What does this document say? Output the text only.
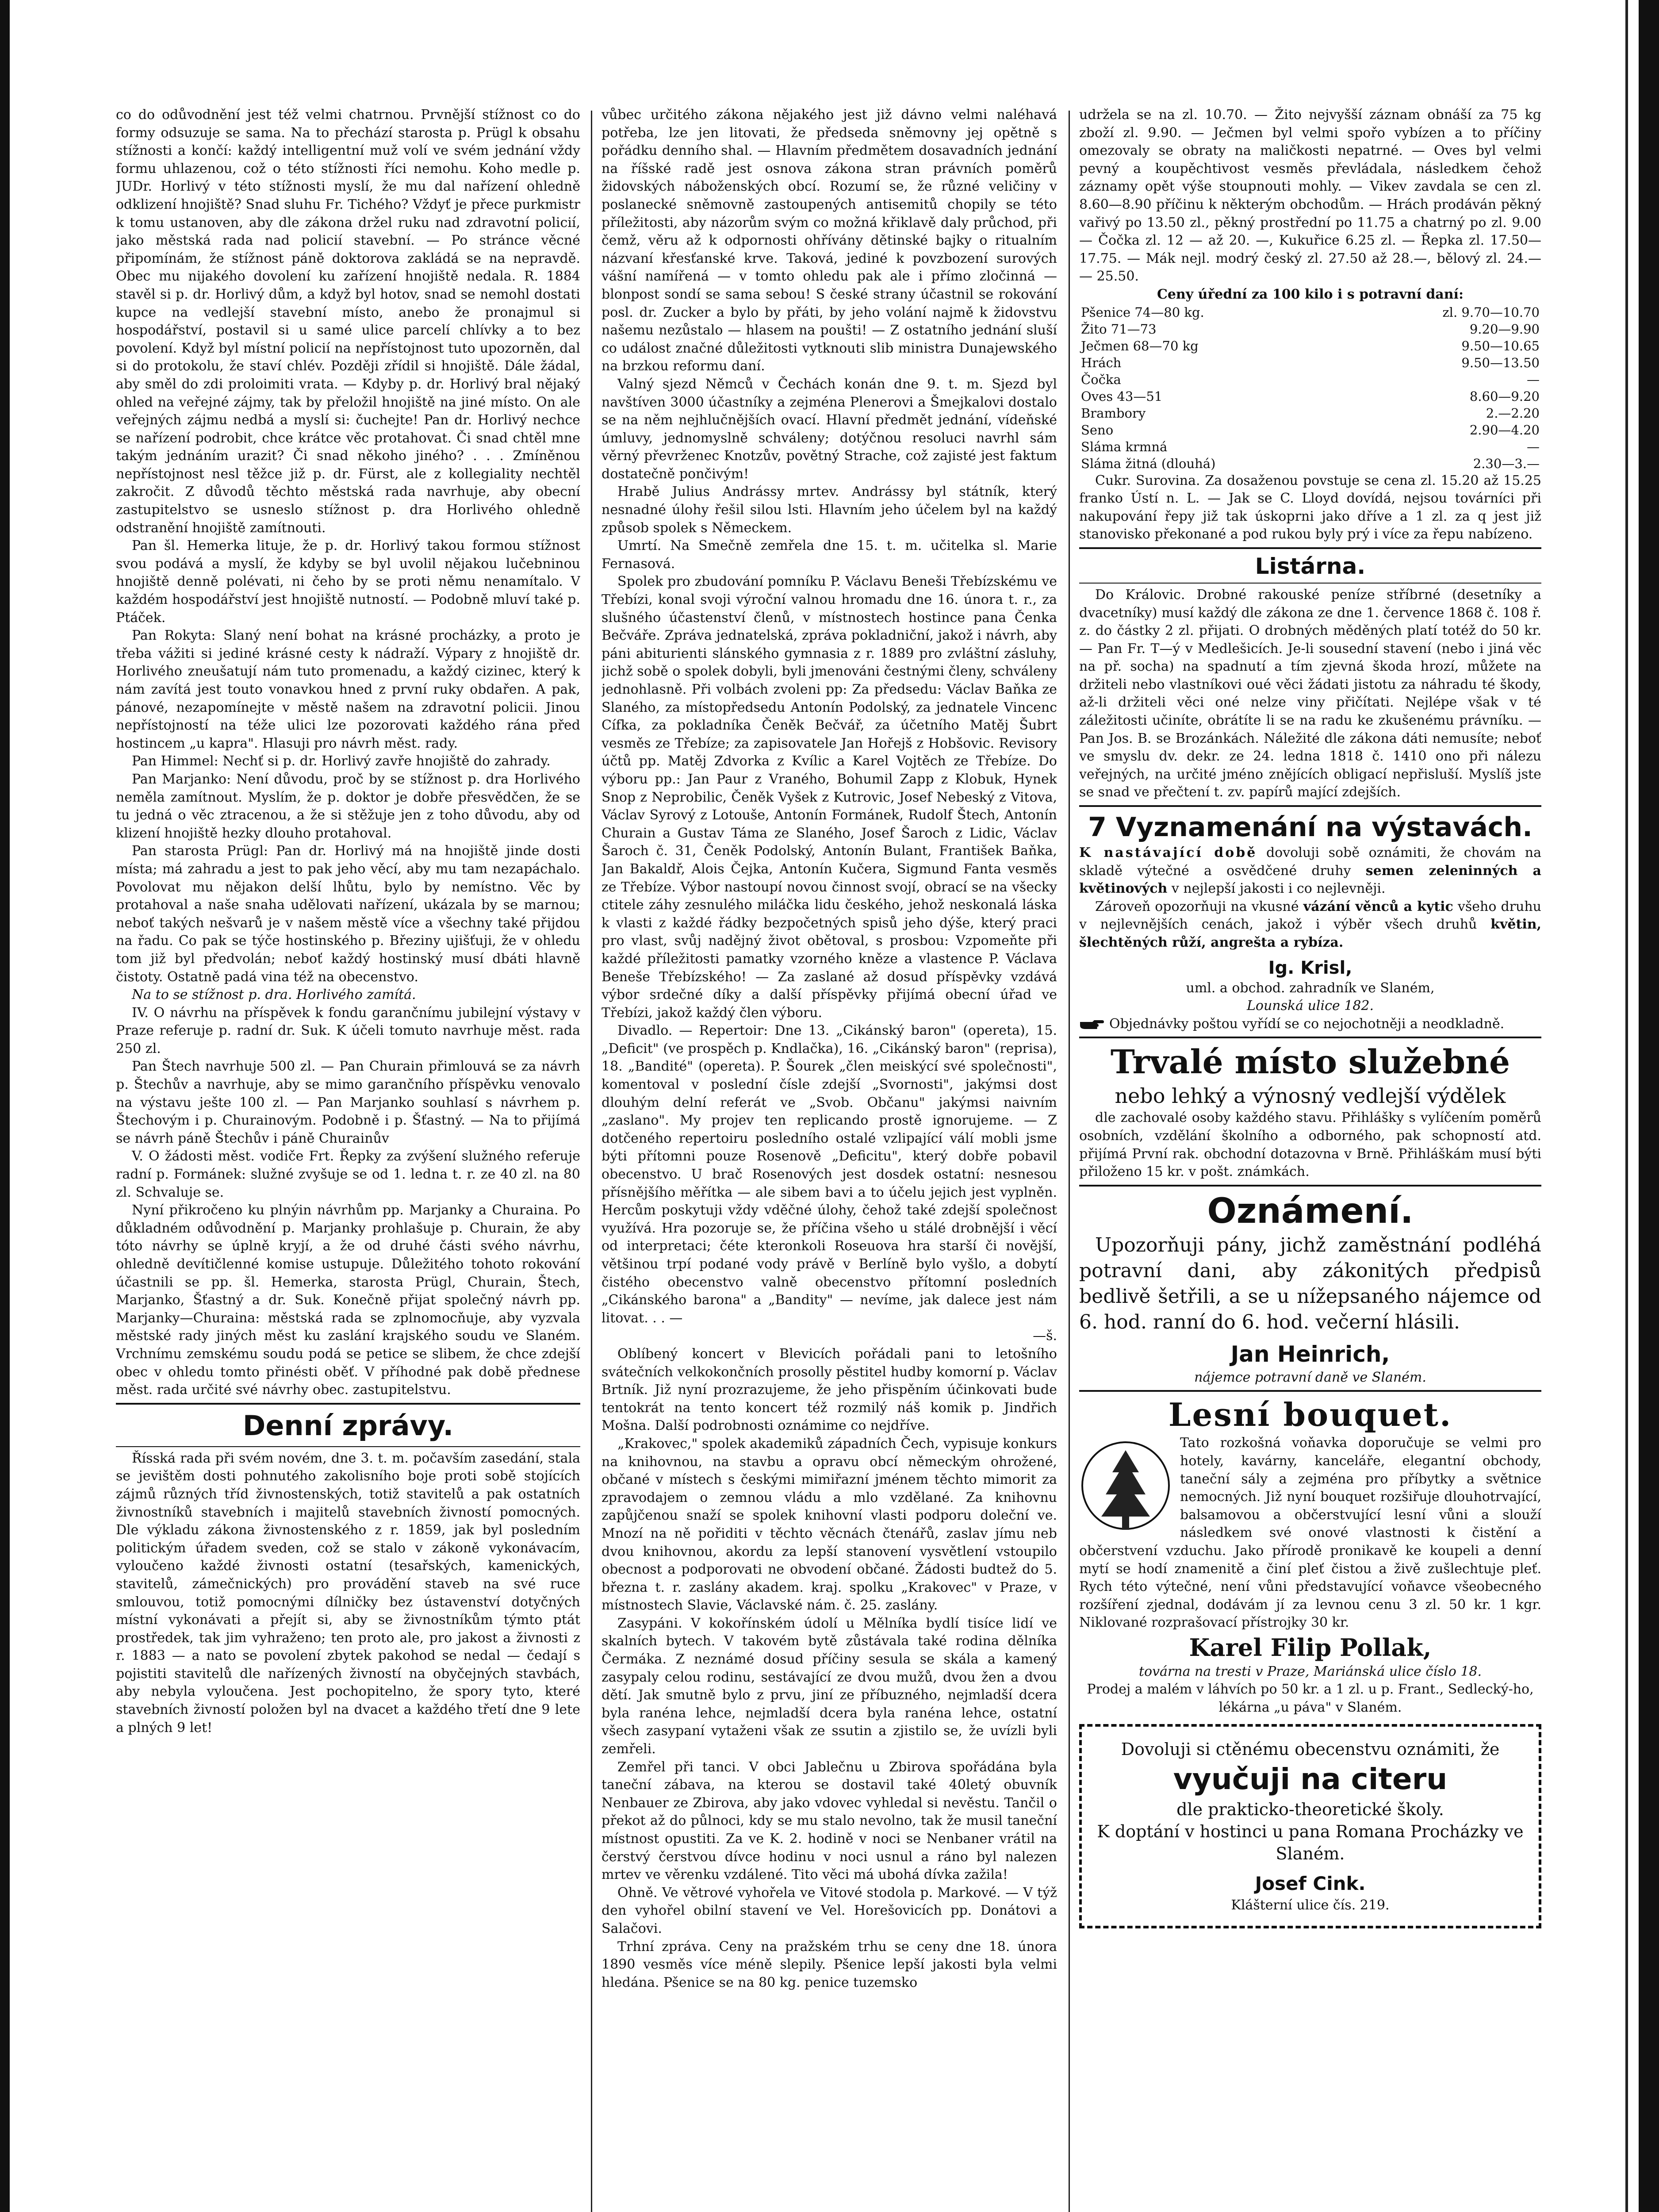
co do odůvodnění jest též velmi chatrnou. Prvnější stížnost co do formy odsuzuje se sama. Na to přechází starosta p. Prügl k obsahu stížnosti a končí: každý intelligentní muž volí ve svém jednání vždy formu uhlazenou, což o této stížnosti říci nemohu. Koho medle p. JUDr. Horlivý v této stížnosti myslí, že mu dal nařízení ohledně odklizení hnojiště? Snad sluhu Fr. Tichého? Vždyť je přece purkmistr k tomu ustanoven, aby dle zákona držel ruku nad zdravotní policií, jako městská rada nad policií stavební. — Po stránce věcné připomínám, že stížnost páně doktorova zakládá se na nepravdě. Obec mu nijakého dovolení ku zařízení hnojiště nedala. R. 1884 stavěl si p. dr. Horlivý dům, a když byl hotov, snad se nemohl dostati kupce na vedlejší stavební místo, anebo že pronajmul si hospodářství, postavil si u samé ulice parcelí chlívky a to bez povolení. Když byl místní policií na nepřístojnost tuto upozorněn, dal si do protokolu, že staví chlév. Později zřídil si hnojiště. Dále žádal, aby směl do zdi proloimiti vrata. — Kdyby p. dr. Horlivý bral nějaký ohled na veřejné zájmy, tak by přeložil hnojiště na jiné místo. On ale veřejných zájmu nedbá a myslí si: čuchejte! Pan dr. Horlivý nechce se nařízení podrobit, chce krátce věc protahovat. Či snad chtěl mne takým jednáním urazit? Či snad někoho jiného? . . . Zmíněnou nepřístojnost nesl těžce již p. dr. Fürst, ale z kollegiality nechtěl zakročit. Z důvodů těchto městská rada navrhuje, aby obecní zastupitelstvo se usneslo stížnost p. dra Horlivého ohledně odstranění hnojiště zamítnouti.

Pan šl. Hemerka lituje, že p. dr. Horlivý takou formou stížnost svou podává a myslí, že kdyby se byl uvolil nějakou lučebninou hnojiště denně polévati, ni čeho by se proti němu nenamítalo. V každém hospodářství jest hnojiště nutností. — Podobně mluví také p. Ptáček.

Pan Rokyta: Slaný není bohat na krásné procházky, a proto je třeba vážiti si jediné krásné cesty k nádraží. Výpary z hnojiště dr. Horlivého zneušatují nám tuto promenadu, a každý cizinec, který k nám zavítá jest touto vonavkou hned z první ruky obdařen. A pak, pánové, nezapomínejte v městě našem na zdravotní policii. Jinou nepřístojností na téže ulici lze pozorovati každého rána před hostincem „u kapra". Hlasuji pro návrh měst. rady.

Pan Himmel: Nechť si p. dr. Horlivý zavře hnojiště do zahrady.

Pan Marjanko: Není důvodu, proč by se stížnost p. dra Horlivého neměla zamítnout. Myslím, že p. doktor je dobře přesvědčen, že se tu jedná o věc ztracenou, a že si stěžuje jen z toho důvodu, aby od klizení hnojiště hezky dlouho protahoval.

Pan starosta Prügl: Pan dr. Horlivý má na hnojiště jinde dosti místa; má zahradu a jest to pak jeho věcí, aby mu tam nezapáchalo. Povolovat mu nějakon delší lhůtu, bylo by nemístno. Věc by protahoval a naše snaha udělovati nařízení, ukázala by se marnou; neboť takých nešvarů je v našem městě více a všechny také přijdou na řadu. Co pak se týče hostinského p. Březiny ujišťuji, že v ohledu tom již byl předvolán; neboť každý hostinský musí dbáti hlavně čistoty. Ostatně padá vina též na obecenstvo.

Na to se stížnost p. dra. Horlivého zamítá.

IV. O návrhu na příspěvek k fondu garančnímu jubilejní výstavy v Praze referuje p. radní dr. Suk. K účeli tomuto navrhuje měst. rada 250 zl.

Pan Štech navrhuje 500 zl. — Pan Churain přimlouvá se za návrh p. Štechův a navrhuje, aby se mimo garančního příspěvku venovalo na výstavu ješte 100 zl. — Pan Marjanko souhlasí s návrhem p. Štechovým i p. Churainovým. Podobně i p. Šťastný. — Na to přijímá se návrh páně Štechův i páně Churainův

V. O žádosti měst. vodiče Frt. Řepky za zvýšení služného referuje radní p. Formánek: služné zvyšuje se od 1. ledna t. r. ze 40 zl. na 80 zl. Schvaluje se.

Nyní přikročeno ku plnýin návrhům pp. Marjanky a Churaina. Po důkladném odůvodnění p. Marjanky prohlašuje p. Churain, že aby tóto návrhy se úplně kryjí, a že od druhé části svého návrhu, ohledně devítičlenné komise ustupuje. Důležitého tohoto rokování účastnili se pp. šl. Hemerka, starosta Prügl, Churain, Štech, Marjanko, Šťastný a dr. Suk. Konečně přijat společný návrh pp. Marjanky—Churaina: městská rada se zplnomocňuje, aby vyzvala městské rady jiných měst ku zaslání krajského soudu ve Slaném. Vrchnímu zemskému soudu podá se petice se slibem, že chce zdejší obec v ohledu tomto přinésti oběť. V příhodné pak době přednese měst. rada určité své návrhy obec. zastupitelstvu.

Denní zprávy.

Řísská rada při svém novém, dne 3. t. m. počavším zasedání, stala se jevištěm dosti pohnutého zakolisního boje proti sobě stojících zájmů různých tříd živnostenských, totiž stavitelů a pak ostatních živnostníků stavebních i majitelů stavebních živností pomocných. Dle výkladu zákona živnostenského z r. 1859, jak byl posledním politickým úřadem sveden, což se stalo v zákoně vykonávacím, vyloučeno každé živnosti ostatní (tesařských, kamenických, stavitelů, zámečnických) pro provádění staveb na své ruce smlouvou, totiž pomocnými dílničky bez ústavenství dotyčných místní vykonávati a přejít si, aby se živnostníkům týmto ptát prostředek, tak jim vyhraženo; ten proto ale, pro jakost a živnosti z r. 1883 — a nato se povolení zbytek pakohod se nedal — čedají s pojistiti stavitelů dle nařízených živností na obyčejných stavbách, aby nebyla vyloučena. Jest pochopitelno, že spory tyto, které stavebních živností položen byl na dvacet a každého třetí dne 9 lete a plných 9 let!

vůbec určitého zákona nějakého jest již dávno velmi naléhavá potřeba, lze jen litovati, že předseda sněmovny jej opětně s pořádku denního shal. — Hlavním předmětem dosavadních jednání na říšské radě jest osnova zákona stran právních poměrů židovských náboženských obcí. Rozumí se, že různé veličiny v poslanecké sněmovně zastoupených antisemitů chopily se této příležitosti, aby názorům svým co možná křiklavě daly průchod, při čemž, věru až k odpornosti ohřívány dětinské bajky o ritualním názvaní křesťanské krve. Taková, jediné k povzbození surových vášní namířená — v tomto ohledu pak ale i přímo zločinná — blonpost sondí se sama sebou! S české strany účastnil se rokování posl. dr. Zucker a bylo by přáti, by jeho volání najmě k židovstvu našemu nezůstalo — hlasem na poušti! — Z ostatního jednání sluší co událost značné důležitosti vytknouti slib ministra Dunajewského na brzkou reformu daní.

Valný sjezd Němců v Čechách konán dne 9. t. m. Sjezd byl navštíven 3000 účastníky a zejména Plenerovi a Šmejkalovi dostalo se na něm nejhlučnějších ovací. Hlavní předmět jednání, vídeňské úmluvy, jednomyslně schváleny; dotýčnou resoluci navrhl sám věrný převrženec Knotzův, povětný Strache, což zajisté jest faktum dostatečně pončivým!

Hrabě Julius Andrássy mrtev. Andrássy byl státník, který nesnadné úlohy řešil silou lsti. Hlavním jeho účelem byl na každý způsob spolek s Německem.

Umrtí. Na Smečně zemřela dne 15. t. m. učitelka sl. Marie Fernasová.

Spolek pro zbudování pomníku P. Václavu Beneši Třebízskému ve Třebízi, konal svoji výroční valnou hromadu dne 16. února t. r., za slušného účastenství členů, v místnostech hostince pana Čenka Bečváře. Zpráva jednatelská, zpráva pokladniční, jakož i návrh, aby páni abiturienti slánského gymnasia z r. 1889 pro zvláštní zásluhy, jichž sobě o spolek dobyli, byli jmenováni čestnými členy, schváleny jednohlasně. Při volbách zvoleni pp: Za předsedu: Václav Baňka ze Slaného, za místopředsedu Antonín Podolský, za jednatele Vincenc Cífka, za pokladníka Čeněk Bečvář, za účetního Matěj Šubrt vesměs ze Třebíze; za zapisovatele Jan Hořejš z Hobšovic. Revisory účtů pp. Matěj Zdvorka z Kvílic a Karel Vojtěch ze Třebíze. Do výboru pp.: Jan Paur z Vraného, Bohumil Zapp z Klobuk, Hynek Snop z Neprobilic, Čeněk Vyšek z Kutrovic, Josef Nebeský z Vitova, Václav Syrový z Lotouše, Antonín Formánek, Rudolf Štech, Antonín Churain a Gustav Táma ze Slaného, Josef Šaroch z Lidic, Václav Šaroch č. 31, Čeněk Podolský, Antonín Bulant, František Baňka, Jan Bakaldř, Alois Čejka, Antonín Kučera, Sigmund Fanta vesměs ze Třebíze. Výbor nastoupí novou činnost svojí, obrací se na všecky ctitele záhy zesnulého miláčka lidu českého, jehož neskonalá láska k vlasti z každé řádky bezpočetných spisů jeho dýše, který praci pro vlast, svůj nadějný život obětoval, s prosbou: Vzpomeňte při každé příležitosti pamatky vzorného kněze a vlastence P. Václava Beneše Třebízského! — Za zaslané až dosud příspěvky vzdává výbor srdečné díky a další příspěvky přijímá obecní úřad ve Třebízi, jakož každý člen výboru.

Divadlo. — Repertoir: Dne 13. „Cikánský baron" (opereta), 15. „Deficit" (ve prospěch p. Kndlačka), 16. „Cikánský baron" (reprisa), 18. „Bandité" (opereta). P. Šourek „člen meiskýcí své společnosti", komentoval v poslední čísle zdejší „Svornosti", jakýmsi dost dlouhým delní referát ve „Svob. Občanu" jakýmsi naivním „zaslano". My projev ten replicando prostě ignorujeme. — Z dotčeného repertoiru posledního ostalé vzlipající válí mobli jsme býti přítomni pouze Rosenově „Deficitu", který dobře pobavil obecenstvo. U brač Rosenových jest dosdek ostatní: nesnesou přísnějšího měřítka — ale sibem bavi a to účelu jejich jest vyplněn. Hercům poskytuji vždy vděčné úlohy, čehož také zdejší společnost využívá. Hra pozoruje se, že příčina všeho u stálé drobnější i věcí od interpretaci; čéte kteronkoli Roseuova hra starší či novější, většinou trpí podané vody právě v Berlíně bylo vyšlo, a dobytí čistého obecenstvo valně obecenstvo přítomní posledních „Cikánského barona" a „Bandity" — nevíme, jak dalece jest nám litovat. . . —

—š.

Oblíbený koncert v Blevicích pořádali pani to letošního svátečních velkokončních prosolly pěstitel hudby komorní p. Václav Brtník. Již nyní prozrazujeme, že jeho přispěním účinkovati bude tentokrát na tento koncert též rozmilý náš komik p. Jindřich Mošna. Další podrobnosti oznámime co nejdříve.

„Krakovec," spolek akademiků západních Čech, vypisuje konkurs na knihovnou, na stavbu a opravu obcí německým ohrožené, občané v místech s českými mimiřazní jménem těchto mimorit za zpravodajem o zemnou vládu a mlo vzdělané. Za knihovnu zapůjčenou snaží se spolek knihovní vlasti podporu doleční ve. Mnozí na ně pořiditi v těchto věcnách čtenářů, zaslav jímu neb dvou knihovnou, akordu za lepší stanovení vysvětlení vstoupilo obecnost a podporovati ne obvodení občané. Žádosti budtež do 5. března t. r. zaslány akadem. kraj. spolku „Krakovec" v Praze, v místnostech Slavie, Václavské nám. č. 25. zaslány.

Zasypáni. V kokořínském údolí u Mělníka bydlí tisíce lidí ve skalních bytech. V takovém bytě zůstávala také rodina dělníka Čermáka. Z neznámé dosud příčiny sesula se skála a kamený zasypaly celou rodinu, sestávající ze dvou mužů, dvou žen a dvou dětí. Jak smutně bylo z prvu, jiní ze příbuzného, nejmladší dcera byla ranéna lehce, nejmladší dcera byla ranéna lehce, ostatní všech zasypaní vytaženi však ze ssutin a zjistilo se, že uvízli byli zemřeli.

Zemřel při tanci. V obci Jablečnu u Zbirova spořádána byla taneční zábava, na kterou se dostavil také 40letý obuvník Nenbauer ze Zbirova, aby jako vdovec vyhledal si nevěstu. Tančil o překot až do půlnoci, kdy se mu stalo nevolno, tak že musil taneční místnost opustiti. Za ve K. 2. hodině v noci se Nenbaner vrátil na čerstvý čerstvou dívce hodinu v noci usnul a ráno byl nalezen mrtev ve věrenku vzdálené. Tito věci má ubohá dívka zažila!

Ohně. Ve větrové vyhořela ve Vitové stodola p. Markové. — V týž den vyhořel obilní stavení ve Vel. Horešovicích pp. Donátovi a Salačovi.

Trhní zpráva. Ceny na pražském trhu se ceny dne 18. února 1890 vesměs více méně slepily. Pšenice lepší jakosti byla velmi hledána. Pšenice se na 80 kg. penice tuzemsko

udržela se na zl. 10.70. — Žito nejvyšší záznam obnáší za 75 kg zboží zl. 9.90. — Ječmen byl velmi spořo vybízen a to příčiny omezovaly se obraty na maličkosti nepatrné. — Oves byl velmi pevný a koupěchtivost vesměs převládala, následkem čehož záznamy opět výše stoupnouti mohly. — Vikev zavdala se cen zl. 8.60—8.90 příčinu k některým obchodům. — Hrách prodáván pěkný vařivý po 13.50 zl., pěkný prostřední po 11.75 a chatrný po zl. 9.00 — Čočka zl. 12 — až 20. —, Kukuřice 6.25 zl. — Řepka zl. 17.50—17.75. — Mák nejl. modrý český zl. 27.50 až 28.—, bělový zl. 24.— — 25.50.

Ceny úřední za 100 kilo i s potravní daní:

Pšenice 74—80 kg.	zl. 9.70—10.70
Žito 71—73	9.20—9.90
Ječmen 68—70 kg	9.50—10.65
Hrách	9.50—13.50
Čočka	—
Oves 43—51	8.60—9.20
Brambory	2.—2.20
Seno	2.90—4.20
Sláma krmná	—
Sláma žitná (dlouhá)	2.30—3.—

Cukr. Surovina. Za dosaženou povstuje se cena zl. 15.20 až 15.25 franko Ústí n. L. — Jak se C. Lloyd dovídá, nejsou továrníci při nakupování řepy již tak úskoprni jako dříve a 1 zl. za q jest již stanovisko překonané a pod rukou byly prý i více za řepu nabízeno.

Listárna.

Do Královic. Drobné rakouské peníze stříbrné (desetníky a dvacetníky) musí každý dle zákona ze dne 1. července 1868 č. 108 ř. z. do částky 2 zl. přijati. O drobných měděných platí totéž do 50 kr. — Pan Fr. T—ý v Medlešicích. Je-li sousední stavení (nebo i jiná věc na př. socha) na spadnutí a tím zjevná škoda hrozí, můžete na držiteli nebo vlastníkovi oué věci žádati jistotu za náhradu té škody, až-li držiteli věci oné nelze viny přičítati. Nejlépe však v té záležitosti učiníte, obrátíte li se na radu ke zkušenému právníku. — Pan Jos. B. se Brozánkách. Náležité dle zákona dáti nemusíte; neboť ve smyslu dv. dekr. ze 24. ledna 1818 č. 1410 ono při nálezu veřejných, na určité jméno znějících obligací nepřisluší. Myslíš jste se snad ve přečtení t. zv. papírů mající zdejších.

7 Vyznamenání na výstavách.

K nastávající době dovoluji sobě oznámiti, že chovám na skladě výtečné a osvědčené druhy semen zeleninných a květinových v nejlepší jakosti i co nejlevněji.

Zároveň opozorňuji na vkusné vázání věnců a kytic všeho druhu v nejlevnějších cenách, jakož i výběr všech druhů květin, šlechtěných růží, angrešta a rybíza.

Ig. Krisl,

uml. a obchod. zahradník ve Slaném,

Lounská ulice 182.

Objednávky poštou vyřídí se co nejochotněji a neodkladně.

Trvalé místo služebné

nebo lehký a výnosný vedlejší výdělek

dle zachovalé osoby každého stavu. Přihlášky s vylíčením poměrů osobních, vzdělání školního a odborného, pak schopností atd. přijímá První rak. obchodní dotazovna v Brně. Přihláškám musí býti přiloženo 15 kr. v pošt. známkách.

Oznámení.

Upozorňuji pány, jichž zaměstnání podléhá potravní dani, aby zákonitých předpisů bedlivě šetřili, a se u nížepsaného nájemce od 6. hod. ranní do 6. hod. večerní hlásili.

Jan Heinrich,

nájemce potravní daně ve Slaném.

Lesní bouquet.

Tato rozkošná voňavka doporučuje se velmi pro hotely, kavárny, kanceláře, elegantní obchody, taneční sály a zejména pro příbytky a světnice nemocných. Již nyní bouquet rozšiřuje dlouhotrvající, balsamovou a občerstvující lesní vůni a slouží následkem své onové vlastnosti k čistění a občerstvení vzduchu. Jako přírodě pronikavě ke koupeli a denní mytí se hodí znamenitě a činí pleť čistou a živě zušlechtuje pleť. Rych této výtečné, není vůni představující voňavce všeobecného rozšíření zjednal, dodávám jí za levnou cenu 3 zl. 50 kr. 1 kgr. Niklované rozprašovací přístrojky 30 kr.

Karel Filip Pollak,

továrna na tresti v Praze, Mariánská ulice číslo 18.

Prodej a malém v láhvích po 50 kr. a 1 zl. u p. Frant., Sedlecký-ho, lékárna „u páva" v Slaném.

Dovoluji si ctěnému obecenstvu oznámiti, že

vyučuji na citeru

dle prakticko-theoretické školy.

K doptání v hostinci u pana Romana Procházky ve Slaném.

Josef Cink.

Klášterní ulice čís. 219.
